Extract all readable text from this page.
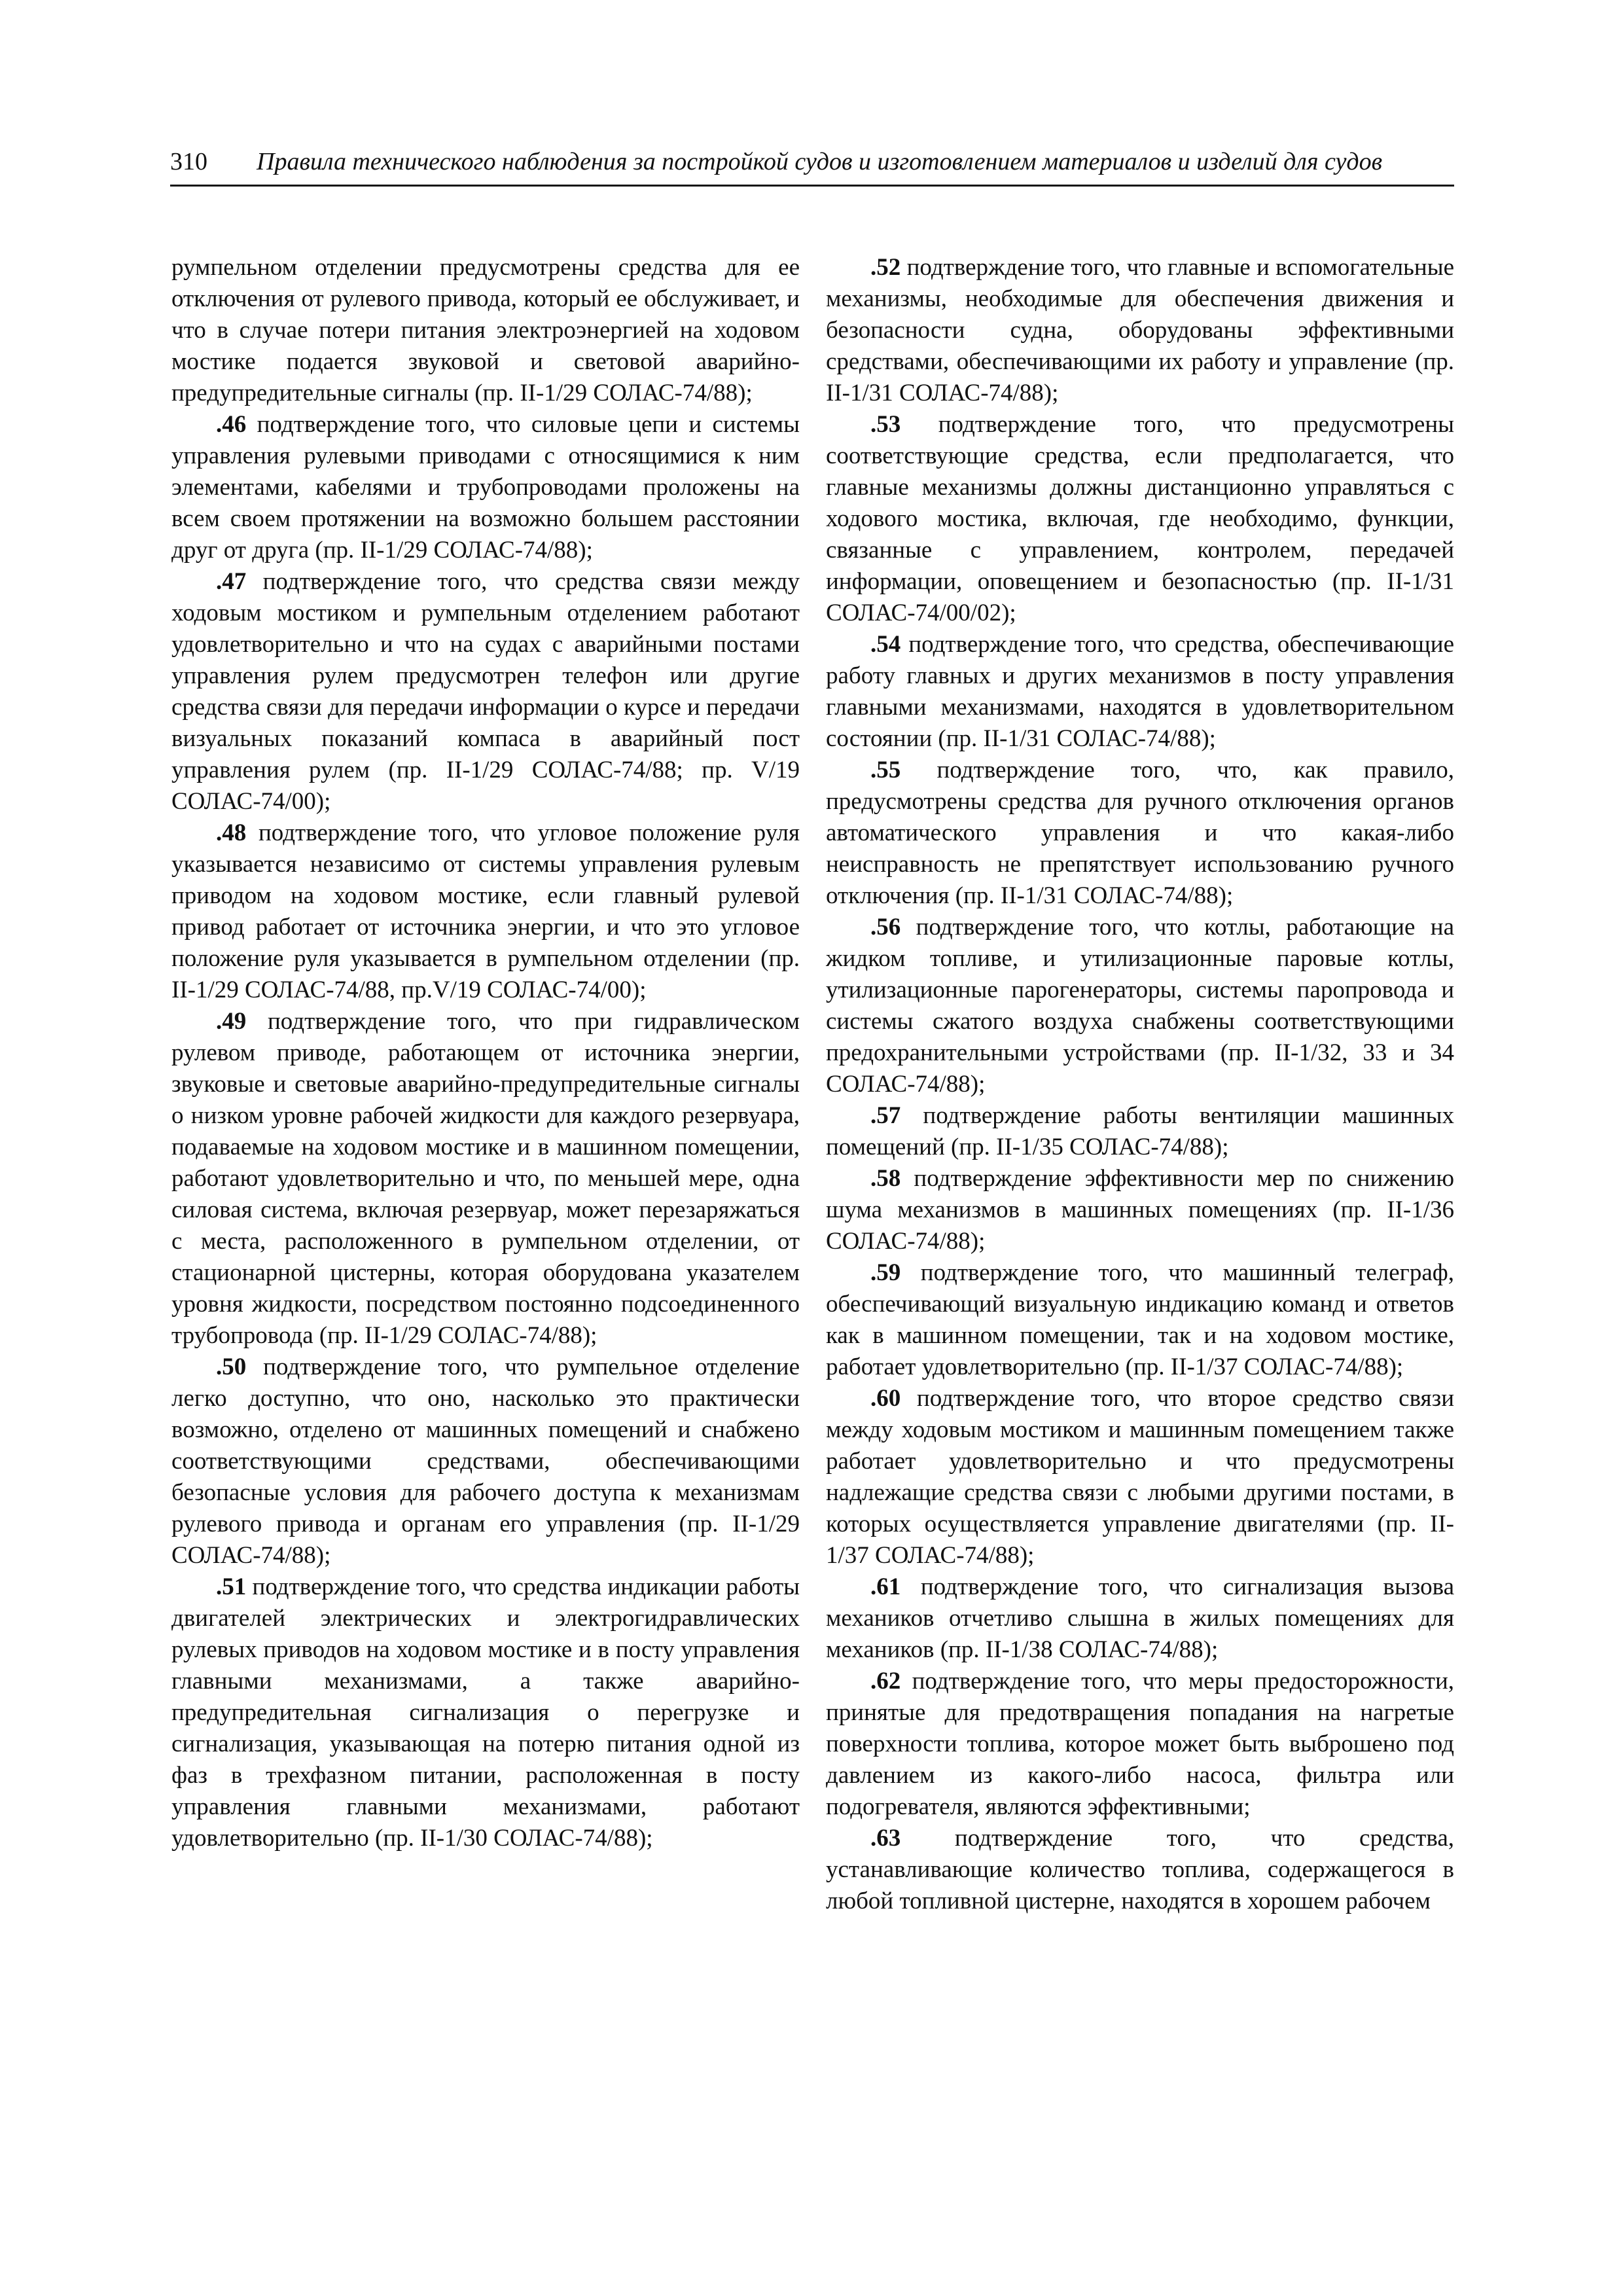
310 Правила технического наблюдения за постройкой судов и изготовлением материалов и изделий для судов

румпельном отделении предусмотрены средства для ее отключения от рулевого привода, который ее обслуживает, и что в случае потери питания электроэнергией на ходовом мостике подается звуковой и световой аварийно-предупредительные сигналы (пр. II-1/29 СОЛАС-74/88);

.46 подтверждение того, что силовые цепи и системы управления рулевыми приводами с относящимися к ним элементами, кабелями и трубопроводами проложены на всем своем протяжении на возможно большем расстоянии друг от друга (пр. II-1/29 СОЛАС-74/88);

.47 подтверждение того, что средства связи между ходовым мостиком и румпельным отделением работают удовлетворительно и что на судах с аварийными постами управления рулем предусмотрен телефон или другие средства связи для передачи информации о курсе и передачи визуальных показаний компаса в аварийный пост управления рулем (пр. II-1/29 СОЛАС-74/88; пр. V/19 СОЛАС-74/00);

.48 подтверждение того, что угловое положение руля указывается независимо от системы управления рулевым приводом на ходовом мостике, если главный рулевой привод работает от источника энергии, и что это угловое положение руля указывается в румпельном отделении (пр. II-1/29 СОЛАС-74/88, пр.V/19 СОЛАС-74/00);

.49 подтверждение того, что при гидравлическом рулевом приводе, работающем от источника энергии, звуковые и световые аварийно-предупредительные сигналы о низком уровне рабочей жидкости для каждого резервуара, подаваемые на ходовом мостике и в машинном помещении, работают удовлетворительно и что, по меньшей мере, одна силовая система, включая резервуар, может перезаряжаться с места, расположенного в румпельном отделении, от стационарной цистерны, которая оборудована указателем уровня жидкости, посредством постоянно подсоединенного трубопровода (пр. II-1/29 СОЛАС-74/88);

.50 подтверждение того, что румпельное отделение легко доступно, что оно, насколько это практически возможно, отделено от машинных помещений и снабжено соответствующими средствами, обеспечивающими безопасные условия для рабочего доступа к механизмам рулевого привода и органам его управления (пр. II-1/29 СОЛАС-74/88);

.51 подтверждение того, что средства индикации работы двигателей электрических и электрогидравлических рулевых приводов на ходовом мостике и в посту управления главными механизмами, а также аварийно-предупредительная сигнализация о перегрузке и сигнализация, указывающая на потерю питания одной из фаз в трехфазном питании, расположенная в посту управления главными механизмами, работают удовлетворительно (пр. II-1/30 СОЛАС-74/88);

.52 подтверждение того, что главные и вспомогательные механизмы, необходимые для обеспечения движения и безопасности судна, оборудованы эффективными средствами, обеспечивающими их работу и управление (пр. II-1/31 СОЛАС-74/88);

.53 подтверждение того, что предусмотрены соответствующие средства, если предполагается, что главные механизмы должны дистанционно управляться с ходового мостика, включая, где необходимо, функции, связанные с управлением, контролем, передачей информации, оповещением и безопасностью (пр. II-1/31 СОЛАС-74/00/02);

.54 подтверждение того, что средства, обеспечивающие работу главных и других механизмов в посту управления главными механизмами, находятся в удовлетворительном состоянии (пр. II-1/31 СОЛАС-74/88);

.55 подтверждение того, что, как правило, предусмотрены средства для ручного отключения органов автоматического управления и что какая-либо неисправность не препятствует использованию ручного отключения (пр. II-1/31 СОЛАС-74/88);

.56 подтверждение того, что котлы, работающие на жидком топливе, и утилизационные паровые котлы, утилизационные парогенераторы, системы паропровода и системы сжатого воздуха снабжены соответствующими предохранительными устройствами (пр. II-1/32, 33 и 34 СОЛАС-74/88);

.57 подтверждение работы вентиляции машинных помещений (пр. II-1/35 СОЛАС-74/88);

.58 подтверждение эффективности мер по снижению шума механизмов в машинных помещениях (пр. II-1/36 СОЛАС-74/88);

.59 подтверждение того, что машинный телеграф, обеспечивающий визуальную индикацию команд и ответов как в машинном помещении, так и на ходовом мостике, работает удовлетворительно (пр. II-1/37 СОЛАС-74/88);

.60 подтверждение того, что второе средство связи между ходовым мостиком и машинным помещением также работает удовлетворительно и что предусмотрены надлежащие средства связи с любыми другими постами, в которых осуществляется управление двигателями (пр. II-1/37 СОЛАС-74/88);

.61 подтверждение того, что сигнализация вызова механиков отчетливо слышна в жилых помещениях для механиков (пр. II-1/38 СОЛАС-74/88);

.62 подтверждение того, что меры предосторожности, принятые для предотвращения попадания на нагретые поверхности топлива, которое может быть выброшено под давлением из какого-либо насоса, фильтра или подогревателя, являются эффективными;

.63 подтверждение того, что средства, устанавливающие количество топлива, содержащегося в любой топливной цистерне, находятся в хорошем рабочем
